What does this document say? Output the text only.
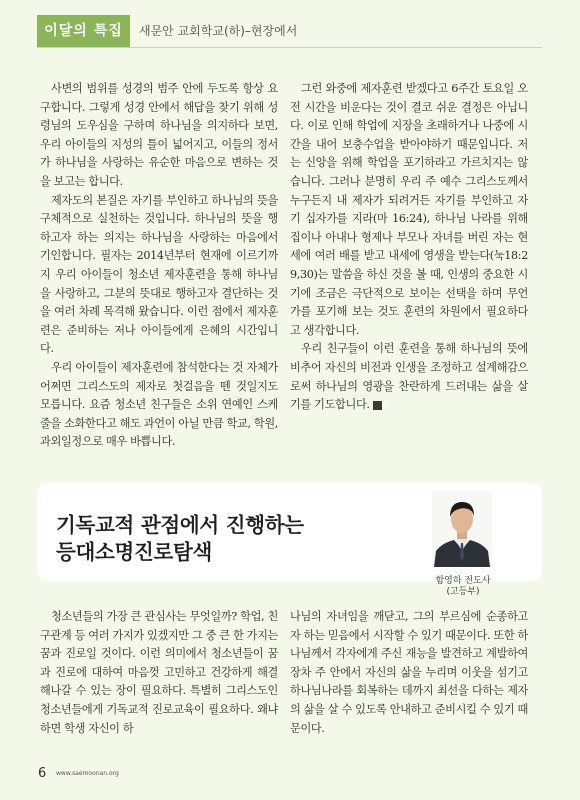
이달의 특집	새문안 교회학교(하)–현장에서

사변의 범위를 성경의 범주 안에 두도록 항상 요구합니다. 그렇게 성경 안에서 해답을 찾기 위해 성령님의 도우심을 구하며 하나님을 의지하다 보면, 우리 아이들의 지성의 틀이 넓어지고, 이들의 정서가 하나님을 사랑하는 유순한 마음으로 변하는 것을 보고는 합니다.

제자도의 본질은 자기를 부인하고 하나님의 뜻을 구체적으로 실천하는 것입니다. 하나님의 뜻을 행하고자 하는 의지는 하나님을 사랑하는 마음에서 기인합니다. 필자는 2014년부터 현재에 이르기까지 우리 아이들이 청소년 제자훈련을 통해 하나님을 사랑하고, 그분의 뜻대로 행하고자 결단하는 것을 여러 차례 목격해 왔습니다. 이런 점에서 제자훈련은 준비하는 저나 아이들에게 은혜의 시간입니다.

우리 아이들이 제자훈련에 참석한다는 것 자체가 어쩌면 그리스도의 제자로 첫걸음을 뗀 것일지도 모릅니다. 요즘 청소년 친구들은 소위 연예인 스케줄을 소화한다고 해도 과언이 아닐 만큼 학교, 학원, 과외일정으로 매우 바쁩니다.

그런 와중에 제자훈련 받겠다고 6주간 토요일 오전 시간을 비운다는 것이 결코 쉬운 결정은 아닙니다. 이로 인해 학업에 지장을 초래하거나 나중에 시간을 내어 보충수업을 받아야하기 때문입니다. 저는 신앙을 위해 학업을 포기하라고 가르치지는 않습니다. 그러나 분명히 우리 주 예수 그리스도께서 누구든지 내 제자가 되려거든 자기를 부인하고 자기 십자가를 지라(마 16:24), 하나님 나라를 위해 집이나 아내나 형제나 부모나 자녀를 버린 자는 현세에 여러 배를 받고 내세에 영생을 받는다(눅18:29,30)는 말씀을 하신 것을 볼 때, 인생의 중요한 시기에 조금은 극단적으로 보이는 선택을 하며 무언가를 포기해 보는 것도 훈련의 차원에서 필요하다고 생각합니다.

우리 친구들이 이런 훈련을 통해 하나님의 뜻에 비추어 자신의 비전과 인생을 조정하고 설계해감으로써 하나님의 영광을 찬란하게 드러내는 삶을 살기를 기도합니다. A

기독교적 관점에서 진행하는
등대소명진로탐색
함영하 전도사
(고등부)

청소년들의 가장 큰 관심사는 무엇일까? 학업, 친구관계 등 여러 가지가 있겠지만 그 중 큰 한 가지는 꿈과 진로일 것이다. 이런 의미에서 청소년들이 꿈과 진로에 대하여 마음껏 고민하고 건강하게 해결해나갈 수 있는 장이 필요하다. 특별히 그리스도인 청소년들에게 기독교적 진로교육이 필요하다. 왜냐하면 학생 자신이 하

나님의 자녀임을 깨닫고, 그의 부르심에 순종하고자 하는 믿음에서 시작할 수 있기 때문이다. 또한 하나님께서 각자에게 주신 재능을 발견하고 계발하여 장차 주 안에서 자신의 삶을 누리며 이웃을 섬기고 하나님나라를 회복하는 데까지 최선을 다하는 제자의 삶을 살 수 있도록 안내하고 준비시킬 수 있기 때문이다.

6 www.saemoonan.org
